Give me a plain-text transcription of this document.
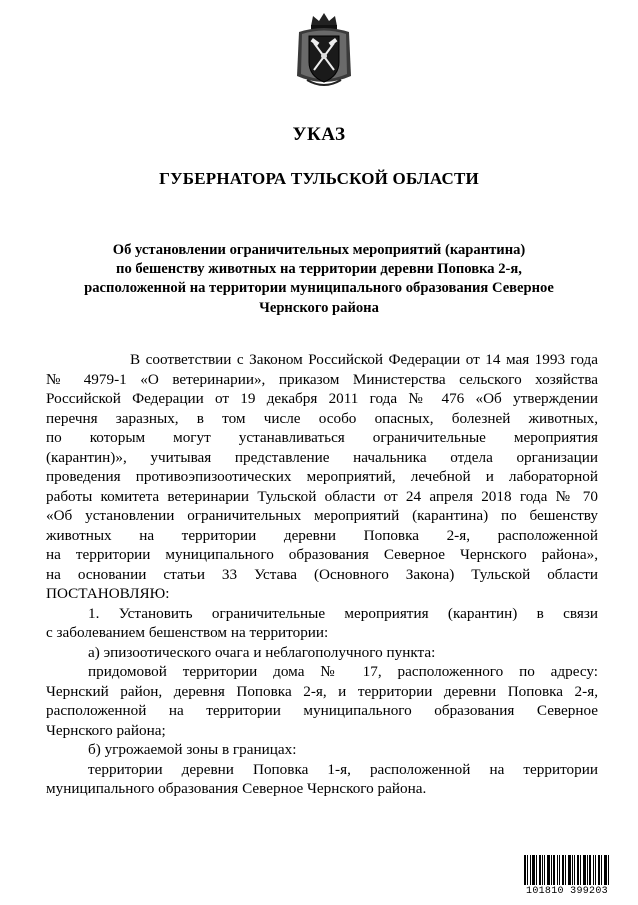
УКАЗ
ГУБЕРНАТОРА ТУЛЬСКОЙ ОБЛАСТИ
Об установлении ограничительных мероприятий (карантина)
по бешенству животных на территории деревни Поповка 2-я,
расположенной на территории муниципального образования Северное
Чернского района
В соответствии с Законом Российской Федерации от 14 мая 1993 года
№ 4979-1 «О ветеринарии», приказом Министерства сельского хозяйства
Российской Федерации от 19 декабря 2011 года № 476 «Об утверждении
перечня заразных, в том числе особо опасных, болезней животных,
по которым могут устанавливаться ограничительные мероприятия
(карантин)», учитывая представление начальника отдела организации
проведения противоэпизоотических мероприятий, лечебной и лабораторной
работы комитета ветеринарии Тульской области от 24 апреля 2018 года № 70
«Об установлении ограничительных мероприятий (карантина) по бешенству
животных на территории деревни Поповка 2-я, расположенной
на территории муниципального образования Северное Чернского района»,
на основании статьи 33 Устава (Основного Закона) Тульской области
ПОСТАНОВЛЯЮ:
1. Установить ограничительные мероприятия (карантин) в связи
с заболеванием бешенством на территории:
а) эпизоотического очага и неблагополучного пункта:
придомовой территории дома № 17, расположенного по адресу:
Чернский район, деревня Поповка 2-я, и территории деревни Поповка 2-я,
расположенной на территории муниципального образования Северное
Чернского района;
б) угрожаемой зоны в границах:
территории деревни Поповка 1-я, расположенной на территории
муниципального образования Северное Чернского района.
101810 399203
